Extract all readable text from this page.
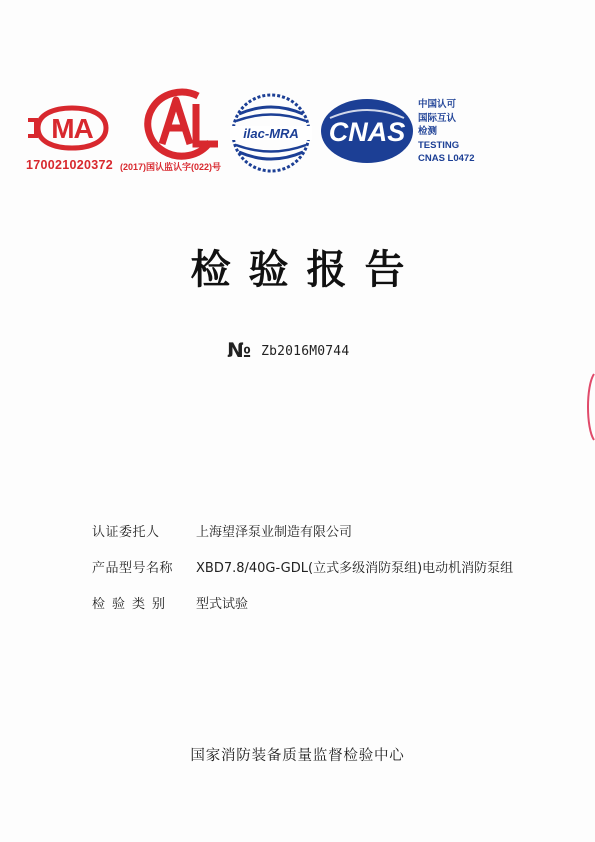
MA	ilac-MRA CNAS
170021020372 (2017)国认监认字(022)号
中国认可
国际互认
检测
TESTING
CNAS L0472
检验报告
№ Zb2016M0744
认证委托人	上海望泽泵业制造有限公司
产品型号名称	XBD7.8/40G-GDL(立式多级消防泵组)电动机消防泵组
检验类别	型式试验
国家消防装备质量监督检验中心
